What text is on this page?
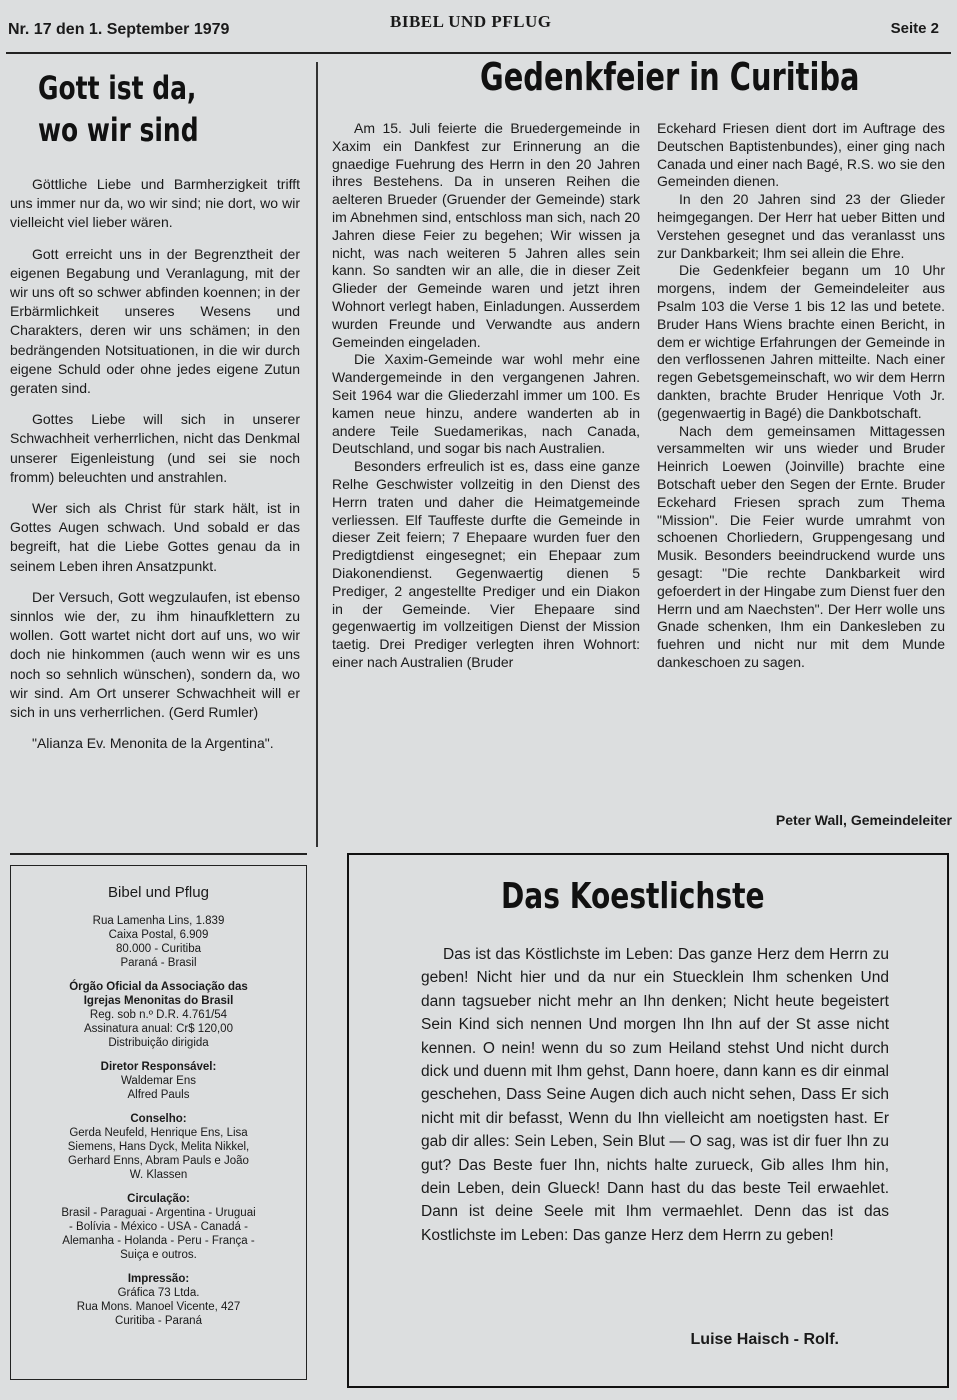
Nr. 17 den 1. September 1979	BIBEL UND PFLUG	Seite 2
Gott ist da,
wo wir sind

Göttliche Liebe und Barmherzigkeit trifft uns immer nur da, wo wir sind; nie dort, wo wir vielleicht viel lieber wären.

Gott erreicht uns in der Begrenztheit der eigenen Begabung und Veranlagung, mit der wir uns oft so schwer abfinden koennen; in der Erbärmlichkeit unseres Wesens und Charakters, deren wir uns schämen; in den bedrängenden Notsituationen, in die wir durch eigene Schuld oder ohne jedes eigene Zutun geraten sind.

Gottes Liebe will sich in unserer Schwachheit verherrlichen, nicht das Denkmal unserer Eigenleistung (und sei sie noch fromm) beleuchten und anstrahlen.

Wer sich als Christ für stark hält, ist in Gottes Augen schwach. Und sobald er das begreift, hat die Liebe Gottes genau da in seinem Leben ihren Ansatzpunkt.

Der Versuch, Gott wegzulaufen, ist ebenso sinnlos wie der, zu ihm hinaufklettern zu wollen. Gott wartet nicht dort auf uns, wo wir doch nie hinkommen (auch wenn wir es uns noch so sehnlich wünschen), sondern da, wo wir sind. Am Ort unserer Schwachheit will er sich in uns verherrlichen. (Gerd Rumler)

"Alianza Ev. Menonita de la Argentina".

Gedenkfeier in Curitiba

Am 15. Juli feierte die Bruedergemeinde in Xaxim ein Dankfest zur Erinnerung an die gnaedige Fuehrung des Herrn in den 20 Jahren ihres Bestehens. Da in unseren Reihen die aelteren Brueder (Gruender der Gemeinde) stark im Abnehmen sind, entschloss man sich, nach 20 Jahren diese Feier zu begehen; Wir wissen ja nicht, was nach weiteren 5 Jahren alles sein kann. So sandten wir an alle, die in dieser Zeit Glieder der Gemeinde waren und jetzt ihren Wohnort verlegt haben, Einladungen. Ausserdem wurden Freunde und Verwandte aus andern Gemeinden eingeladen.

Die Xaxim-Gemeinde war wohl mehr eine Wandergemeinde in den vergangenen Jahren. Seit 1964 war die Gliederzahl immer um 100. Es kamen neue hinzu, andere wanderten ab in andere Teile Suedamerikas, nach Canada, Deutschland, und sogar bis nach Australien.

Besonders erfreulich ist es, dass eine ganze Relhe Geschwister vollzeitig in den Dienst des Herrn traten und daher die Heimatgemeinde verliessen. Elf Tauffeste durfte die Gemeinde in dieser Zeit feiern; 7 Ehepaare wurden fuer den Predigtdienst eingesegnet; ein Ehepaar zum Diakonendienst. Gegenwaertig dienen 5 Prediger, 2 angestellte Prediger und ein Diakon in der Gemeinde. Vier Ehepaare sind gegenwaertig im vollzeitigen Dienst der Mission taetig. Drei Prediger verlegten ihren Wohnort: einer nach Australien (Bruder

Eckehard Friesen dient dort im Auftrage des Deutschen Baptistenbundes), einer ging nach Canada und einer nach Bagé, R.S. wo sie den Gemeinden dienen.

In den 20 Jahren sind 23 der Glieder heimgegangen. Der Herr hat ueber Bitten und Verstehen gesegnet und das veranlasst uns zur Dankbarkeit; Ihm sei allein die Ehre.

Die Gedenkfeier begann um 10 Uhr morgens, indem der Gemeindeleiter aus Psalm 103 die Verse 1 bis 12 las und betete. Bruder Hans Wiens brachte einen Bericht, in dem er wichtige Erfahrungen der Gemeinde in den verflossenen Jahren mitteilte. Nach einer regen Gebetsgemeinschaft, wo wir dem Herrn dankten, brachte Bruder Henrique Voth Jr. (gegenwaertig in Bagé) die Dankbotschaft.

Nach dem gemeinsamen Mittagessen versammelten wir uns wieder und Bruder Heinrich Loewen (Joinville) brachte eine Botschaft ueber den Segen der Ernte. Bruder Eckehard Friesen sprach zum Thema "Mission". Die Feier wurde umrahmt von schoenen Chorliedern, Gruppengesang und Musik. Besonders beeindruckend wurde uns gesagt: "Die rechte Dankbarkeit wird gefoerdert in der Hingabe zum Dienst fuer den Herrn und am Naechsten". Der Herr wolle uns Gnade schenken, Ihm ein Dankesleben zu fuehren und nicht nur mit dem Munde dankeschoen zu sagen.

Peter Wall, Gemeindeleiter
Bibel und Pflug
Rua Lamenha Lins, 1.839
Caixa Postal, 6.909
80.000 - Curitiba
Paraná - Brasil
Órgão Oficial da Associação das
Igrejas Menonitas do Brasil
Reg. sob n.º D.R. 4.761/54
Assinatura anual: Cr$ 120,00
Distribuição dirigida
Diretor Responsável:
Waldemar Ens
Alfred Pauls
Conselho:
Gerda Neufeld, Henrique Ens, Lisa
Siemens, Hans Dyck, Melita Nikkel,
Gerhard Enns, Abram Pauls e João
W. Klassen
Circulação:
Brasil - Paraguai - Argentina - Uruguai
- Bolívia - México - USA - Canadá -
Alemanha - Holanda - Peru - França -
Suiça e outros.
Impressão:
Gráfica 73 Ltda.
Rua Mons. Manoel Vicente, 427
Curitiba - Paraná
Das Koestlichste

Das ist das Köstlichste im Leben: Das ganze Herz dem Herrn zu geben! Nicht hier und da nur ein Stuecklein Ihm schenken Und dann tagsueber nicht mehr an Ihn denken; Nicht heute begeistert Sein Kind sich nennen Und morgen Ihn Ihn auf der St asse nicht kennen. O nein! wenn du so zum Heiland stehst Und nicht durch dick und duenn mit Ihm gehst, Dann hoere, dann kann es dir einmal geschehen, Dass Seine Augen dich auch nicht sehen, Dass Er sich nicht mit dir befasst, Wenn du Ihn vielleicht am noetigsten hast. Er gab dir alles: Sein Leben, Sein Blut — O sag, was ist dir fuer Ihn zu gut? Das Beste fuer Ihn, nichts halte zurueck, Gib alles Ihm hin, dein Leben, dein Glueck! Dann hast du das beste Teil erwaehlet. Dann ist deine Seele mit Ihm vermaehlet. Denn das ist das Kostlichste im Leben: Das ganze Herz dem Herrn zu geben!

Luise Haisch - Rolf.
